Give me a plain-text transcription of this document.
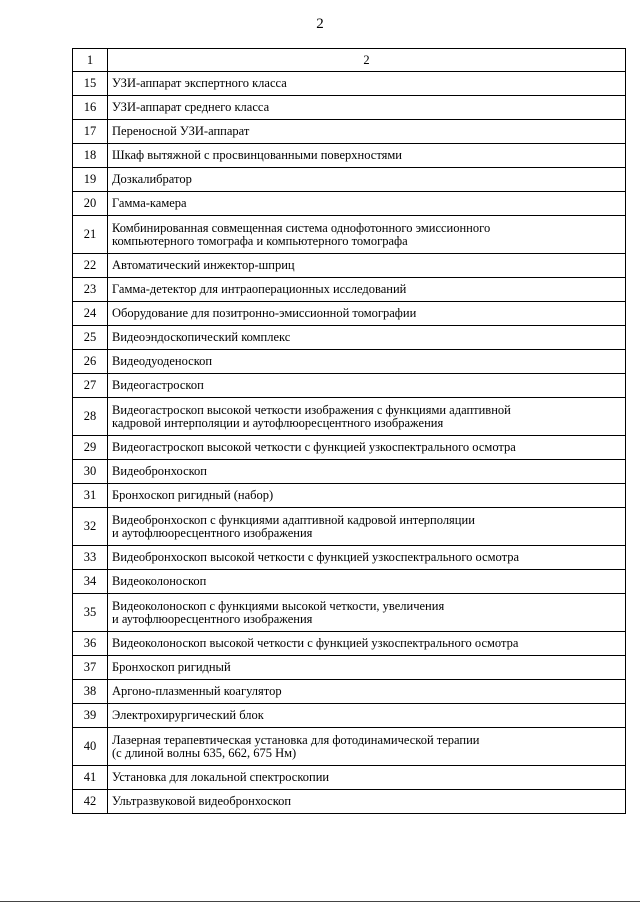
2
1	2
15	УЗИ-аппарат экспертного класса
16	УЗИ-аппарат среднего класса
17	Переносной УЗИ-аппарат
18	Шкаф вытяжной с просвинцованными поверхностями
19	Дозкалибратор
20	Гамма-камера
21	Комбинированная совмещенная система однофотонного эмиссионного
компьютерного томографа и компьютерного томографа
22	Автоматический инжектор-шприц
23	Гамма-детектор для интраоперационных исследований
24	Оборудование для позитронно-эмиссионной томографии
25	Видеоэндоскопический комплекс
26	Видеодуоденоскоп
27	Видеогастроскоп
28	Видеогастроскоп высокой четкости изображения с функциями адаптивной
кадровой интерполяции и аутофлюоресцентного изображения
29	Видеогастроскоп высокой четкости с функцией узкоспектрального осмотра
30	Видеобронхоскоп
31	Бронхоскоп ригидный (набор)
32	Видеобронхоскоп с функциями адаптивной кадровой интерполяции
и аутофлюоресцентного изображения
33	Видеобронхоскоп высокой четкости с функцией узкоспектрального осмотра
34	Видеоколоноскоп
35	Видеоколоноскоп с функциями высокой четкости, увеличения
и аутофлюоресцентного изображения
36	Видеоколоноскоп высокой четкости с функцией узкоспектрального осмотра
37	Бронхоскоп ригидный
38	Аргоно-плазменный коагулятор
39	Электрохирургический блок
40	Лазерная терапевтическая установка для фотодинамической терапии
(с длиной волны 635, 662, 675 Нм)
41	Установка для локальной спектроскопии
42	Ультразвуковой видеобронхоскоп
